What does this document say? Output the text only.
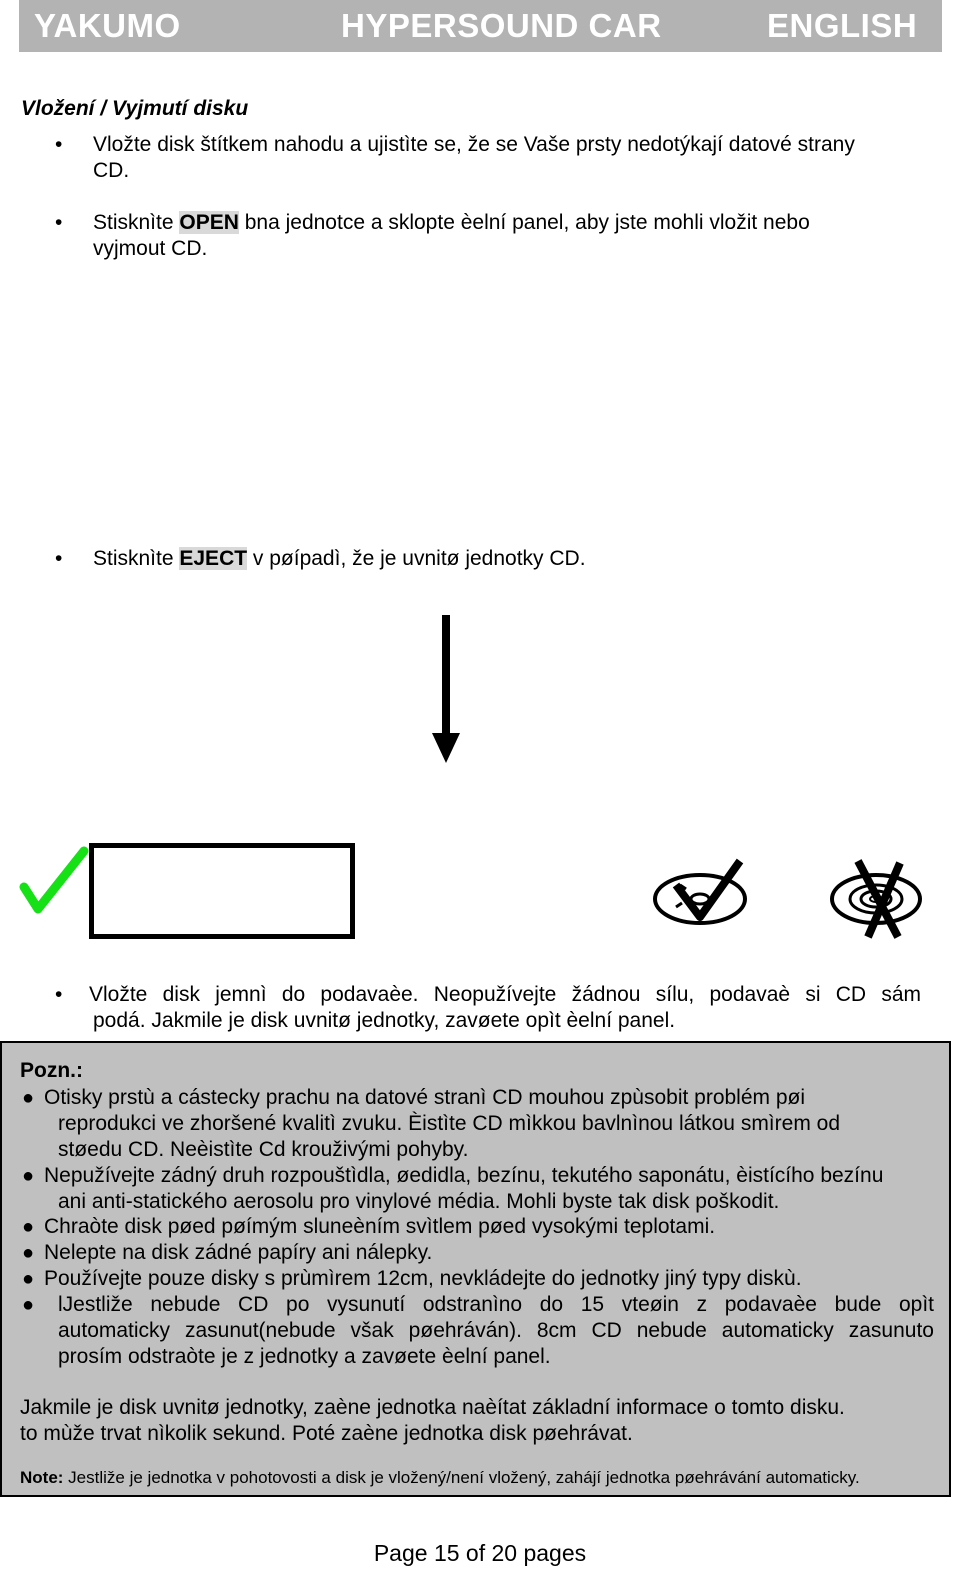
YAKUMO	HYPERSOUND CAR	ENGLISH
Vložení / Vyjmutí disku
• Vložte disk štítkem nahodu a ujistìte se, že se Vaše prsty nedotýkají datové strany
CD.
• Stisknìte OPEN bna jednotce a sklopte èelní panel, aby jste mohli vložit nebo
vyjmout CD.
• Stisknìte EJECT v pøípadì, že je uvnitø jednotky CD.
• Vložte disk jemnì do podavaèe. Neopužívejte žádnou sílu, podavaè si CD sám
podá. Jakmile je disk uvnitø jednotky, zavøete opìt èelní panel.
Pozn.:
● Otisky prstù a cástecky prachu na datové stranì CD mouhou zpùsobit problém pøi
reprodukci ve zhoršené kvalitì zvuku. Èistìte CD mìkkou bavlnìnou látkou smìrem od
støedu CD. Neèistìte Cd krouživými pohyby.
● Nepužívejte zádný druh rozpouštìdla, øedidla, bezínu, tekutého saponátu, èistícího bezínu
ani anti-statického aerosolu pro vinylové média. Mohli byste tak disk poškodit.
● Chraòte disk pøed pøímým sluneèním svìtlem pøed vysokými teplotami.
● Nelepte na disk zádné papíry ani nálepky.
● Používejte pouze disky s prùmìrem 12cm, nevkládejte do jednotky jiný typy diskù.
●	lJestliže nebude CD po vysunutí odstranìno do 15 vteøin z podavaèe bude opìt
automaticky zasunut(nebude však pøehráván). 8cm CD nebude automaticky zasunuto
prosím odstraòte je z jednotky a zavøete èelní panel.
Jakmile je disk uvnitø jednotky, zaène jednotka naèítat základní informace o tomto disku.
to mùže trvat nìkolik sekund. Poté zaène jednotka disk pøehrávat.
Note: Jestliže je jednotka v pohotovosti a disk je vložený/není vložený, zahájí jednotka pøehrávání automaticky.
Page 15 of 20 pages
